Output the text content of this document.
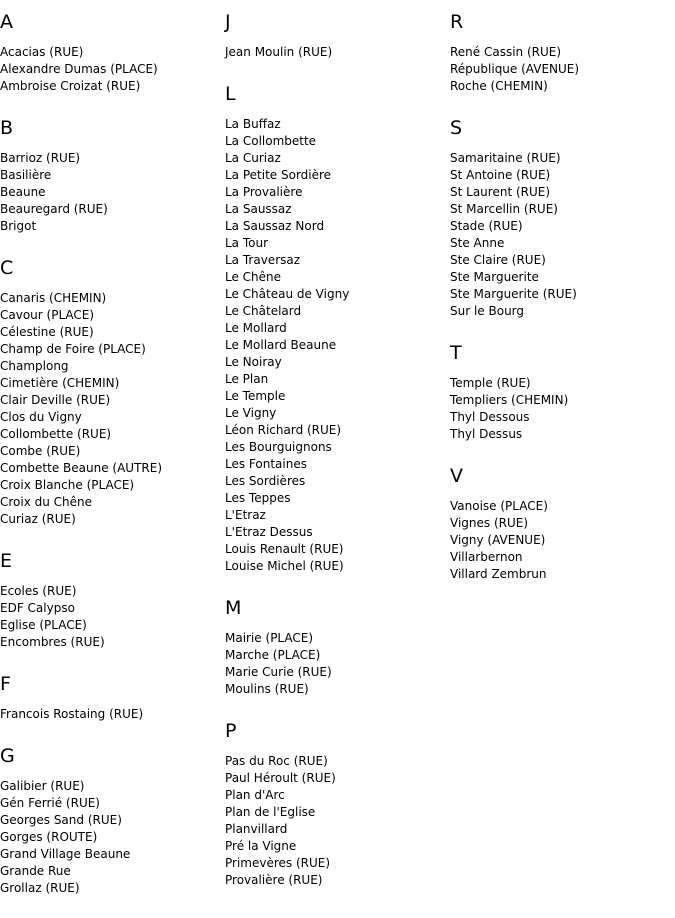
A
Acacias (RUE)
Alexandre Dumas (PLACE)
Ambroise Croizat (RUE)
B
Barrioz (RUE)
Basilière
Beaune
Beauregard (RUE)
Brigot
C
Canaris (CHEMIN)
Cavour (PLACE)
Célestine (RUE)
Champ de Foire (PLACE)
Champlong
Cimetière (CHEMIN)
Clair Deville (RUE)
Clos du Vigny
Collombette (RUE)
Combe (RUE)
Combette Beaune (AUTRE)
Croix Blanche (PLACE)
Croix du Chêne
Curiaz (RUE)
E
Ecoles (RUE)
EDF Calypso
Eglise (PLACE)
Encombres (RUE)
F
Francois Rostaing (RUE)
G
Galibier (RUE)
Gén Ferrié (RUE)
Georges Sand (RUE)
Gorges (ROUTE)
Grand Village Beaune
Grande Rue
Grollaz (RUE)
J
Jean Moulin (RUE)
L
La Buffaz
La Collombette
La Curiaz
La Petite Sordière
La Provalière
La Saussaz
La Saussaz Nord
La Tour
La Traversaz
Le Chêne
Le Château de Vigny
Le Châtelard
Le Mollard
Le Mollard Beaune
Le Noiray
Le Plan
Le Temple
Le Vigny
Léon Richard (RUE)
Les Bourguignons
Les Fontaines
Les Sordières
Les Teppes
L'Etraz
L'Etraz Dessus
Louis Renault (RUE)
Louise Michel (RUE)
M
Mairie (PLACE)
Marche (PLACE)
Marie Curie (RUE)
Moulins (RUE)
P
Pas du Roc (RUE)
Paul Héroult (RUE)
Plan d'Arc
Plan de l'Eglise
Planvillard
Pré la Vigne
Primevères (RUE)
Provalière (RUE)
R
René Cassin (RUE)
République (AVENUE)
Roche (CHEMIN)
S
Samaritaine (RUE)
St Antoine (RUE)
St Laurent (RUE)
St Marcellin (RUE)
Stade (RUE)
Ste Anne
Ste Claire (RUE)
Ste Marguerite
Ste Marguerite (RUE)
Sur le Bourg
T
Temple (RUE)
Templiers (CHEMIN)
Thyl Dessous
Thyl Dessus
V
Vanoise (PLACE)
Vignes (RUE)
Vigny (AVENUE)
Villarbernon
Villard Zembrun
